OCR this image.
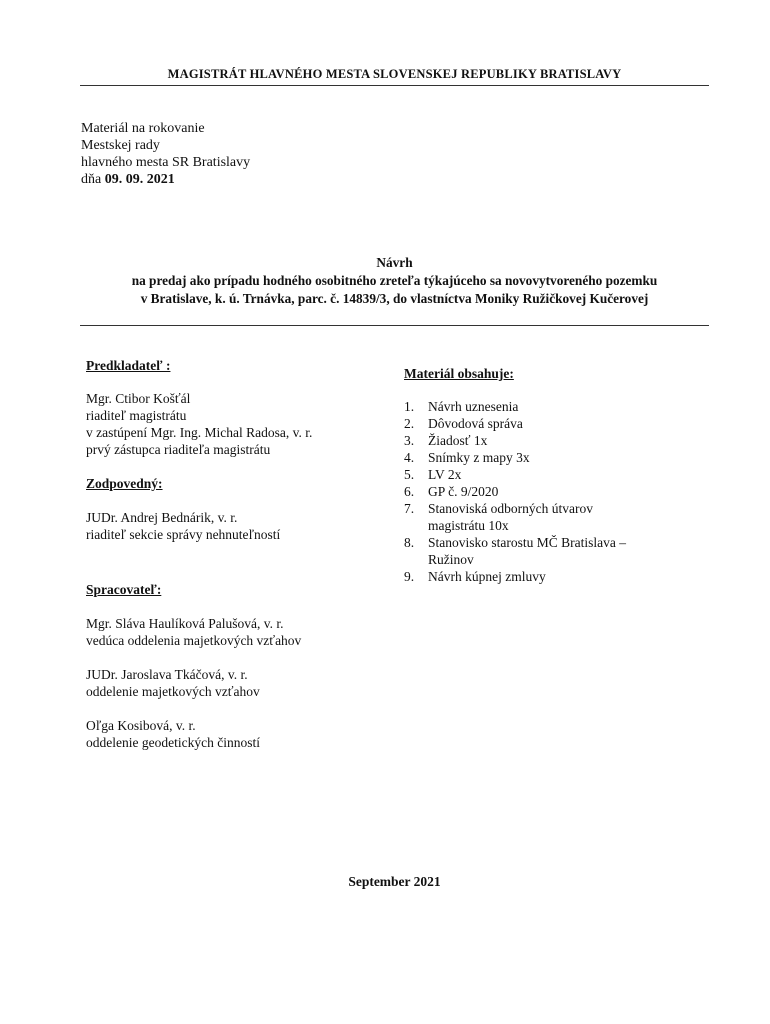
MAGISTRÁT HLAVNÉHO MESTA SLOVENSKEJ REPUBLIKY BRATISLAVY
Materiál na rokovanie
Mestskej rady
hlavného mesta SR Bratislavy
dňa 09. 09. 2021
Návrh
na predaj ako prípadu hodného osobitného zreteľa týkajúceho sa novovytvoreného pozemku
v Bratislave, k. ú. Trnávka, parc. č. 14839/3, do vlastníctva Moniky Ružičkovej Kučerovej

Predkladateľ :

Mgr. Ctibor Košťál

riaditeľ magistrátu

v zastúpení Mgr. Ing. Michal Radosa, v. r.

prvý zástupca riaditeľa magistrátu

Zodpovedný:

JUDr. Andrej Bednárik, v. r.

riaditeľ sekcie správy nehnuteľností

Spracovateľ:

Mgr. Sláva Haulíková Palušová, v. r.

vedúca oddelenia majetkových vzťahov

JUDr. Jaroslava Tkáčová, v. r.

oddelenie majetkových vzťahov

Oľga Kosibová, v. r.

oddelenie geodetických činností

Materiál obsahuje:
1.	Návrh uznesenia
2.	Dôvodová správa
3.	Žiadosť 1x
4.	Snímky z mapy 3x
5.	LV 2x
6.	GP č. 9/2020
7.	Stanoviská odborných útvarov
magistrátu 10x
8.	Stanovisko starostu MČ Bratislava –
Ružinov
9.	Návrh kúpnej zmluvy
September 2021
